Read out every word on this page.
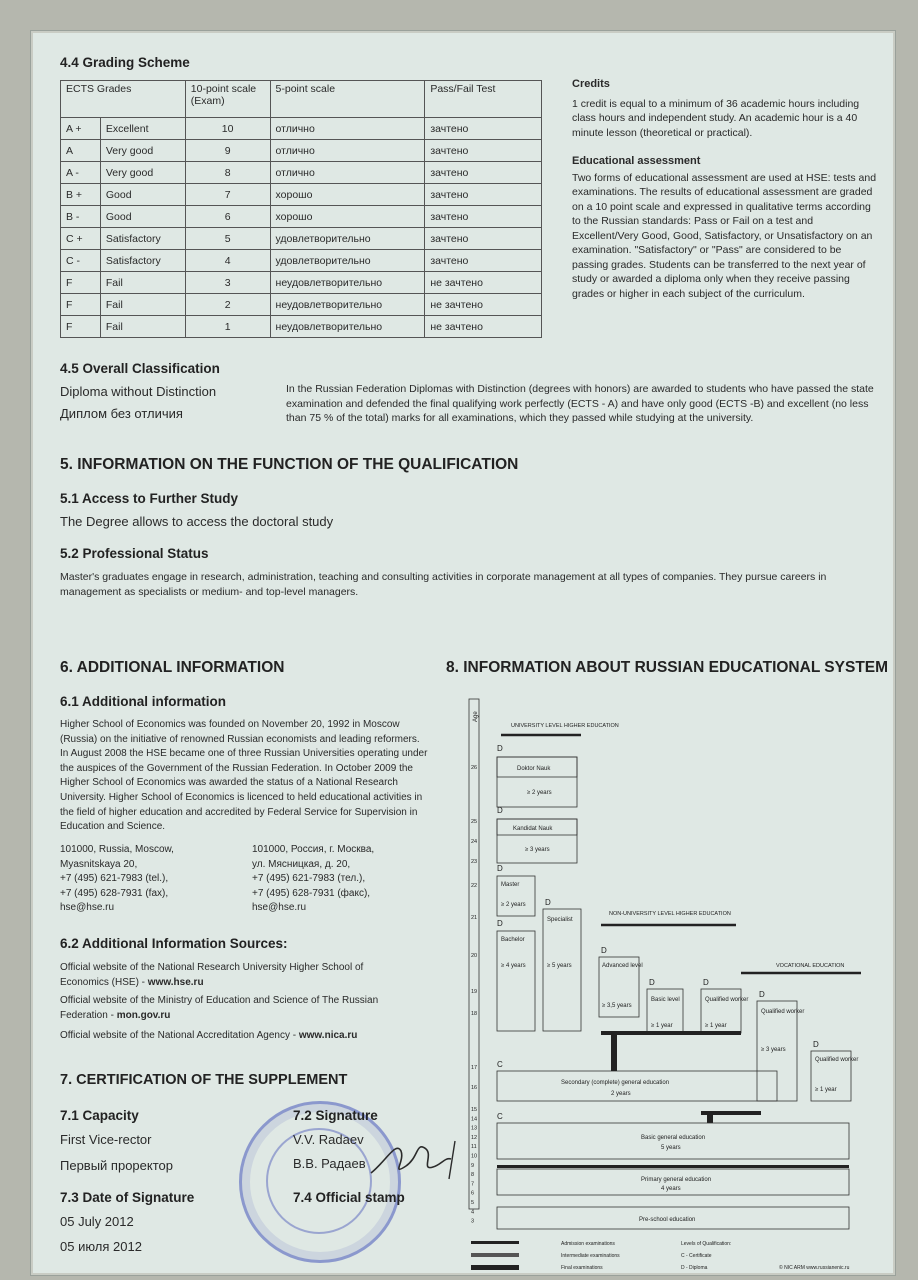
4.4 Grading Scheme
ECTS Grades		10-point scale (Exam)	5-point scale	Pass/Fail Test
A +	Excellent	10	отлично	зачтено
A	Very good	9	отлично	зачтено
A -	Very good	8	отлично	зачтено
B +	Good	7	хорошо	зачтено
B -	Good	6	хорошо	зачтено
C +	Satisfactory	5	удовлетворительно	зачтено
C -	Satisfactory	4	удовлетворительно	зачтено
F	Fail	3	неудовлетворительно	не зачтено
F	Fail	2	неудовлетворительно	не зачтено
F	Fail	1	неудовлетворительно	не зачтено
Credits
1 credit is equal to a minimum of 36 academic hours including class hours and independent study. An academic hour is a 40 minute lesson (theoretical or practical).
Educational assessment
Two forms of educational assessment are used at HSE: tests and examinations. The results of educational assessment are graded on a 10 point scale and expressed in qualitative terms according to the Russian standards: Pass or Fail on a test and Excellent/Very Good, Good, Satisfactory, or Unsatisfactory on an examination. "Satisfactory" or "Pass" are considered to be passing grades. Students can be transferred to the next year of study or awarded a diploma only when they receive passing grades or higher in each subject of the curriculum.
4.5 Overall Classification
Diploma without Distinction
Диплом без отличия
In the Russian Federation Diplomas with Distinction (degrees with honors) are awarded to students who have passed the state examination and defended the final qualifying work perfectly (ECTS - A) and have only good (ECTS -B) and excellent (no less than 75 % of the total) marks for all examinations, which they passed while studying at the university.
5. INFORMATION ON THE FUNCTION OF THE QUALIFICATION
5.1 Access to Further Study
The Degree allows to access the doctoral study
5.2 Professional Status
Master's graduates engage in research, administration, teaching and consulting activities in corporate management at all types of companies. They pursue careers in management as specialists or medium- and top-level managers.
6. ADDITIONAL INFORMATION
6.1 Additional information
Higher School of Economics was founded on November 20, 1992 in Moscow (Russia) on the initiative of renowned Russian economists and leading reformers. In August 2008 the HSE became one of three Russian Universities operating under the auspices of the Government of the Russian Federation. In October 2009 the Higher School of Economics was awarded the status of a National Research University. Higher School of Economics is licenced to held educational activities in the field of higher education and accredited by Federal Service for Supervision in Education and Science.
101000, Russia, Moscow,
Myasnitskaya 20,
+7 (495) 621-7983 (tel.),
+7 (495) 628-7931 (fax),
hse@hse.ru
101000, Россия, г. Москва,
ул. Мясницкая, д. 20,
+7 (495) 621-7983 (тел.),
+7 (495) 628-7931 (факс),
hse@hse.ru
6.2 Additional Information Sources:
Official website of the National Research University Higher School of Economics (HSE) - www.hse.ru
Official website of the Ministry of Education and Science of The Russian Federation - mon.gov.ru
Official website of the National Accreditation Agency - www.nica.ru
7. CERTIFICATION OF THE SUPPLEMENT
7.1 Capacity
First Vice-rector
Первый проректор
7.3 Date of Signature
05 July 2012
05 июля 2012
7.2 Signature
V.V. Radaev
В.В. Радаев
7.4 Official stamp
8. INFORMATION ABOUT RUSSIAN EDUCATIONAL SYSTEM
Age
26
25
24
23
22
21
20
19
18
17
16
15
14
13
12
11
10
9
8
7
6
5
4
3
UNIVERSITY LEVEL HIGHER EDUCATION
NON-UNIVERSITY LEVEL HIGHER EDUCATION
VOCATIONAL EDUCATION
D
Doktor Nauk
≥ 2 years
D
Kandidat Nauk
≥ 3 years
D
Master
≥ 2 years
D
Bachelor
≥ 4 years
D
Specialist
≥ 5 years
D
Advanced level
≥ 3,5 years
D
Basic level
≥ 1 year
D
Qualified worker
≥ 1 year
D
Qualified worker
≥ 3 years
D
Qualified worker
≥ 1 year
C
Secondary (complete) general education
2 years
C
Basic general education
5 years
Primary general education
4 years
Pre-school education
Admission examinations
Intermediate examinations
Final examinations
Levels of Qualification:
C - Certificate
D - Diploma	© NIC ARM www.russianenic.ru
